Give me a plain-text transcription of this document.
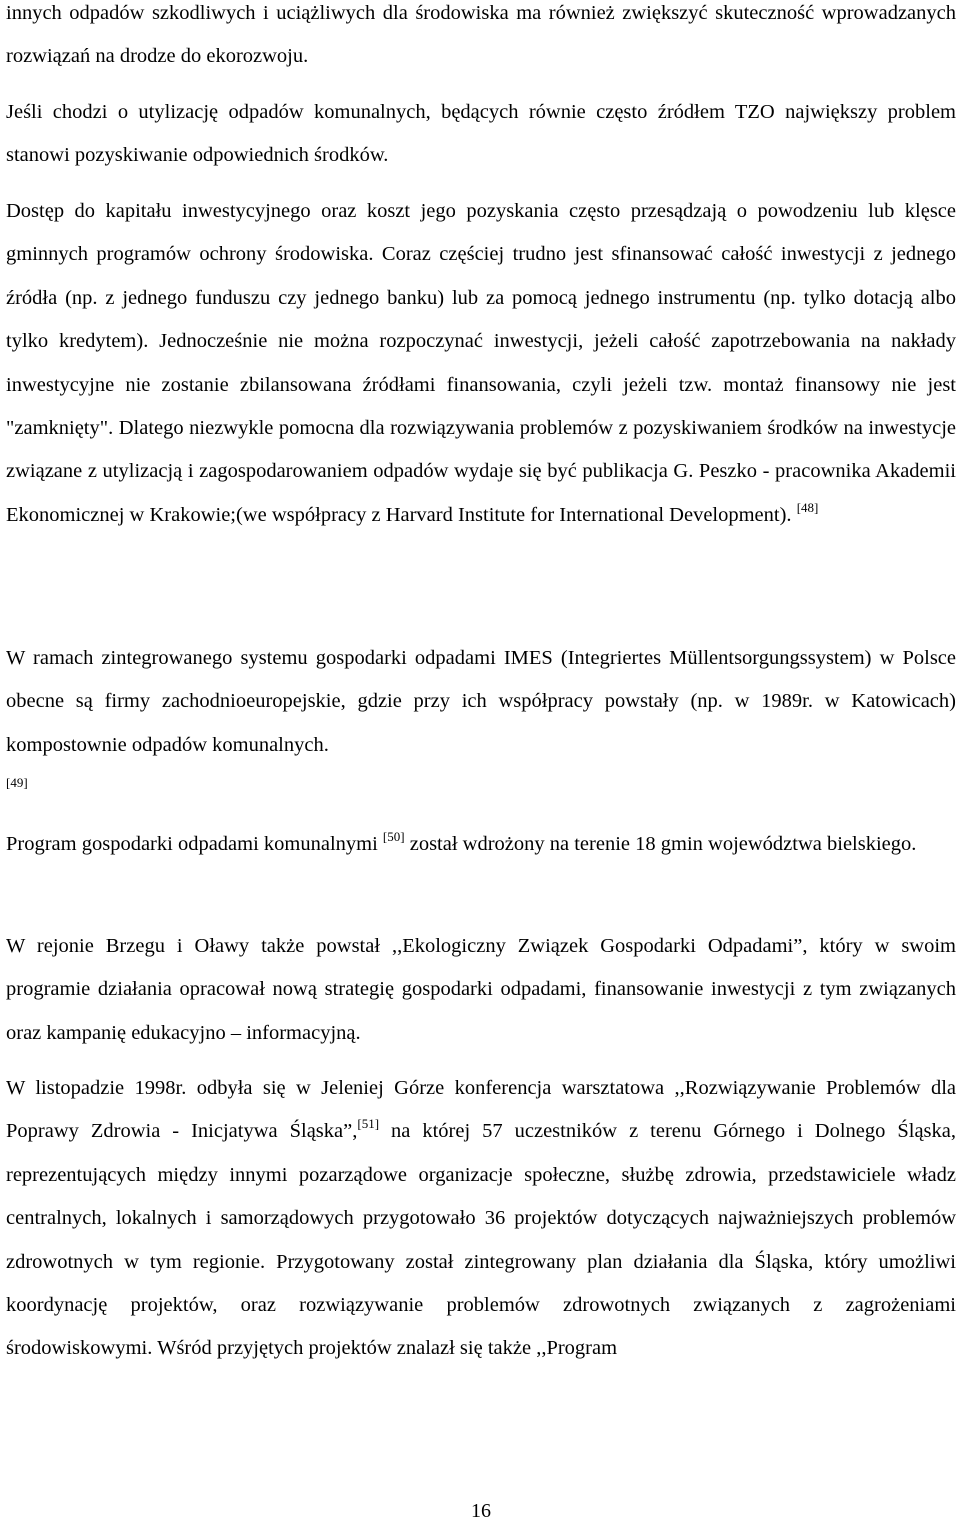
innych odpadów szkodliwych i uciążliwych dla środowiska ma również zwiększyć skuteczność wprowadzanych rozwiązań na drodze do ekorozwoju.

Jeśli chodzi o utylizację odpadów komunalnych, będących równie często źródłem TZO największy problem stanowi pozyskiwanie odpowiednich środków.

Dostęp do kapitału inwestycyjnego oraz koszt jego pozyskania często przesądzają o powodzeniu lub klęsce gminnych programów ochrony środowiska. Coraz częściej trudno jest sfinansować całość inwestycji z jednego źródła (np. z jednego funduszu czy jednego banku) lub za pomocą jednego instrumentu (np. tylko dotacją albo tylko kredytem). Jednocześnie nie można rozpoczynać inwestycji, jeżeli całość zapotrzebowania na nakłady inwestycyjne nie zostanie zbilansowana źródłami finansowania, czyli jeżeli tzw. montaż finansowy nie jest "zamknięty". Dlatego niezwykle pomocna dla rozwiązywania problemów z pozyskiwaniem środków na inwestycje związane z utylizacją i zagospodarowaniem odpadów wydaje się być publikacja G. Peszko - pracownika Akademii Ekonomicznej w Krakowie;(we współpracy z Harvard Institute for International Development). [48]

W ramach zintegrowanego systemu gospodarki odpadami IMES (Integriertes Müllentsorgungssystem) w Polsce obecne są firmy zachodnioeuropejskie, gdzie przy ich współpracy powstały (np. w 1989r. w Katowicach) kompostownie odpadów komunalnych.

[49]

Program gospodarki odpadami komunalnymi [50] został wdrożony na terenie 18 gmin województwa bielskiego.

W rejonie Brzegu i Oławy także powstał ,,Ekologiczny Związek Gospodarki Odpadami”, który w swoim programie działania opracował nową strategię gospodarki odpadami, finansowanie inwestycji z tym związanych oraz kampanię edukacyjno – informacyjną.

W listopadzie 1998r. odbyła się w Jeleniej Górze konferencja warsztatowa ,,Rozwiązywanie Problemów dla Poprawy Zdrowia - Inicjatywa Śląska”,[51] na której 57 uczestników z terenu Górnego i Dolnego Śląska, reprezentujących między innymi pozarządowe organizacje społeczne, służbę zdrowia, przedstawiciele władz centralnych, lokalnych i samorządowych przygotowało 36 projektów dotyczących najważniejszych problemów zdrowotnych w tym regionie. Przygotowany został zintegrowany plan działania dla Śląska, który umożliwi koordynację projektów, oraz rozwiązywanie problemów zdrowotnych związanych z zagrożeniami środowiskowymi. Wśród przyjętych projektów znalazł się także ,,Program

16
